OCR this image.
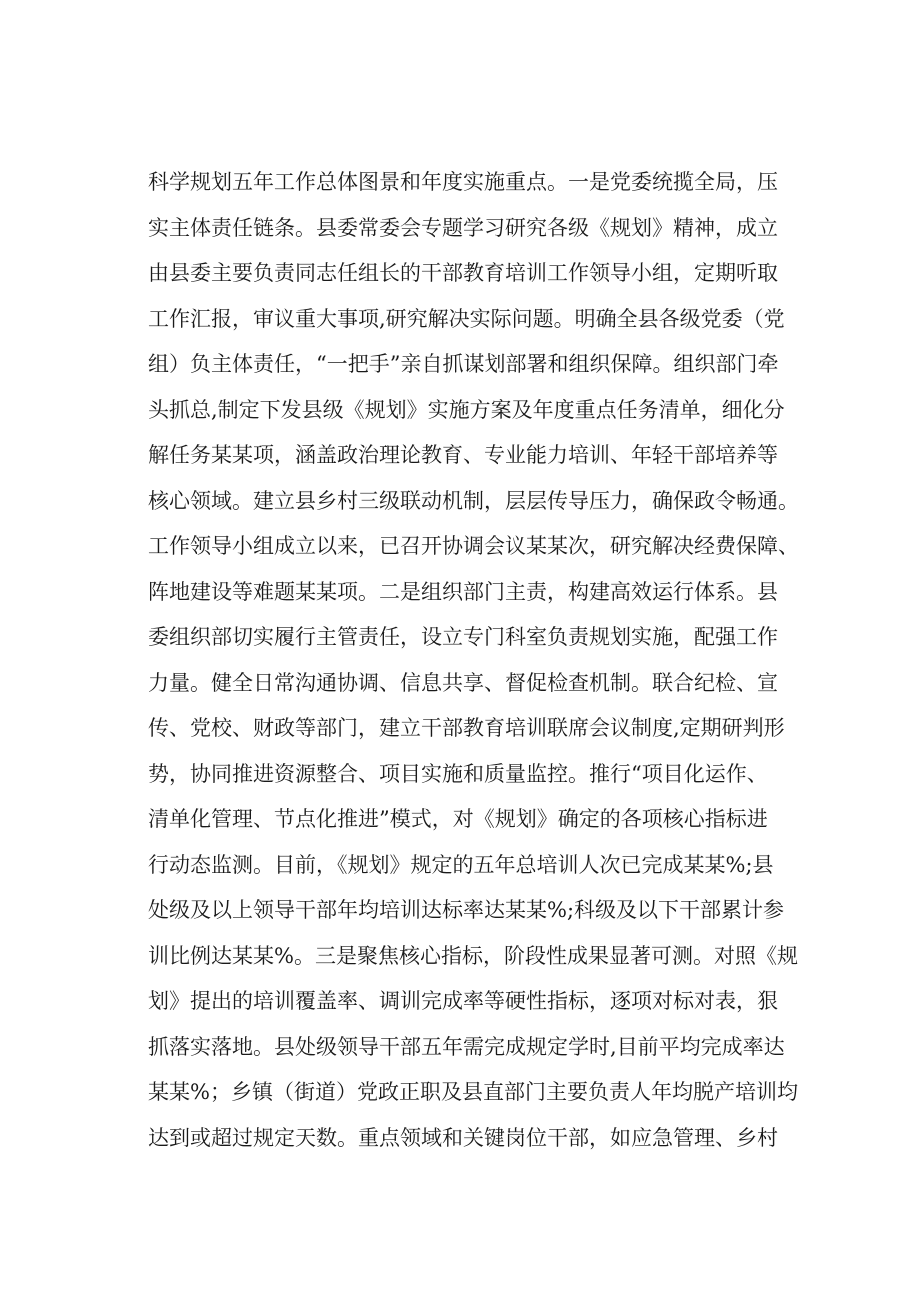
科学规划五年工作总体图景和年度实施重点。一是党委统揽全局，压
实主体责任链条。县委常委会专题学习研究各级《规划》精神，成立
由县委主要负责同志任组长的干部教育培训工作领导小组，定期听取
工作汇报，审议重大事项,研究解决实际问题。明确全县各级党委（党
组）负主体责任，“一把手”亲自抓谋划部署和组织保障。组织部门牵
头抓总,制定下发县级《规划》实施方案及年度重点任务清单，细化分
解任务某某项，涵盖政治理论教育、专业能力培训、年轻干部培养等
核心领域。建立县乡村三级联动机制，层层传导压力，确保政令畅通。
工作领导小组成立以来，已召开协调会议某某次，研究解决经费保障、
阵地建设等难题某某项。二是组织部门主责，构建高效运行体系。县
委组织部切实履行主管责任，设立专门科室负责规划实施，配强工作
力量。健全日常沟通协调、信息共享、督促检查机制。联合纪检、宣
传、党校、财政等部门，建立干部教育培训联席会议制度,定期研判形
势，协同推进资源整合、项目实施和质量监控。推行“项目化运作、
清单化管理、节点化推进”模式，对《规划》确定的各项核心指标进
行动态监测。目前，《规划》规定的五年总培训人次已完成某某%;县
处级及以上领导干部年均培训达标率达某某%;科级及以下干部累计参
训比例达某某%。三是聚焦核心指标，阶段性成果显著可测。对照《规
划》提出的培训覆盖率、调训完成率等硬性指标，逐项对标对表，狠
抓落实落地。县处级领导干部五年需完成规定学时,目前平均完成率达
某某%；乡镇（街道）党政正职及县直部门主要负责人年均脱产培训均
达到或超过规定天数。重点领域和关键岗位干部，如应急管理、乡村
